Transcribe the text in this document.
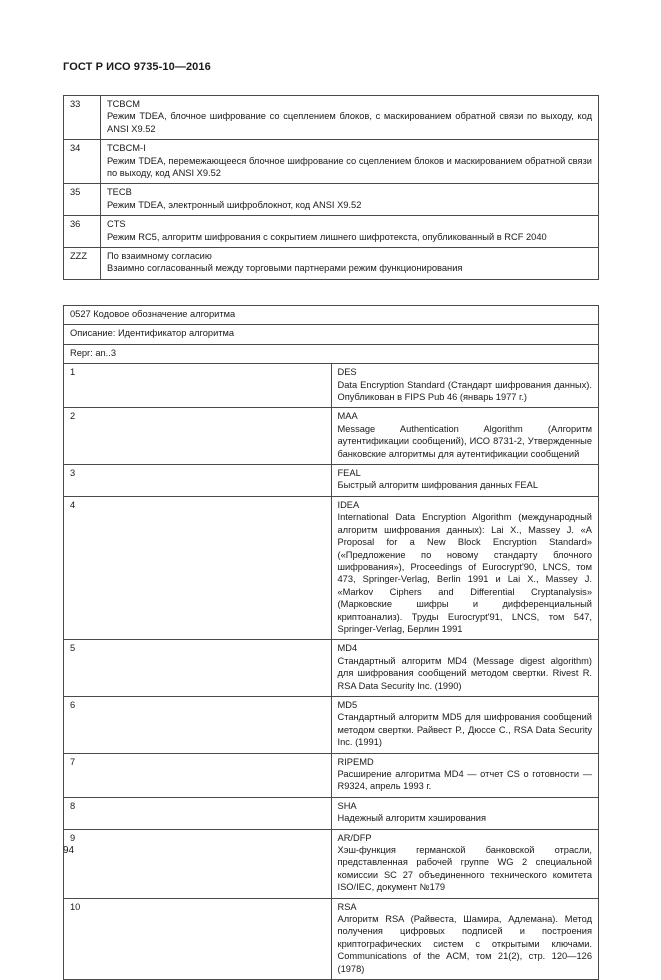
ГОСТ Р ИСО 9735-10—2016
33	TCBCM
Режим TDEA, блочное шифрование со сцеплением блоков, с маскированием обратной связи по выходу, код ANSI X9.52

34	TCBCM-I
Режим TDEA, перемежающееся блочное шифрование со сцеплением блоков и маскированием обратной связи по выходу, код ANSI X9.52

35	TECB
Режим TDEA, электронный шифроблокнот, код ANSI X9.52

36	CTS
Режим RC5, алгоритм шифрования с сокрытием лишнего шифротекста, опубликованный в RCF 2040

ZZZ	По взаимному согласию
Взаимно согласованный между торговыми партнерами режим функционирования
0527 Кодовое обозначение алгоритма	
Описание: Идентификатор алгоритма	
Repr: an..3	
1	DES
Data Encryption Standard (Стандарт шифрования данных). Опубликован в FIPS Pub 46 (январь 1977 г.)

2	MAA
Message Authentication Algorithm (Алгоритм аутентификации сообщений), ИСО 8731-2, Утвержденные банковские алгоритмы для аутентификации сообщений

3	FEAL
Быстрый алгоритм шифрования данных FEAL

4	IDEA
International Data Encryption Algorithm (международный алгоритм шифрования данных): Lai X., Massey J. «A Proposal for a New Block Encryption Standard» («Предложение по новому стандарту блочного шифрования»), Proceedings of Eurocrypt'90, LNCS, том 473, Springer-Verlag, Berlin 1991 и Lai X., Massey J. «Markov Ciphers and Differential Cryptanalysis» (Марковские шифры и дифференциальный криптоанализ). Труды Eurocrypt'91, LNCS, том 547, Springer-Verlag, Берлин 1991

5	MD4
Стандартный алгоритм MD4 (Message digest algorithm) для шифрования сообщений методом свертки. Rivest R. RSA Data Security Inc. (1990)

6	MD5
Стандартный алгоритм MD5 для шифрования сообщений методом свертки. Райвест Р., Дюссе С., RSA Data Security Inc. (1991)

7	RIPEMD
Расширение алгоритма MD4 — отчет CS о готовности — R9324, апрель 1993 г.

8	SHA
Надежный алгоритм хэширования

9	AR/DFP
Хэш-функция германской банковской отрасли, представленная рабочей группе WG 2 специальной комиссии SC 27 объединенного технического комитета ISO/IEC, документ №179

10	RSA
Алгоритм RSA (Райвеста, Шамира, Адлемана). Метод получения цифровых подписей и построения криптографических систем с открытыми ключами. Communications of the ACM, том 21(2), стр. 120—126 (1978)
94
